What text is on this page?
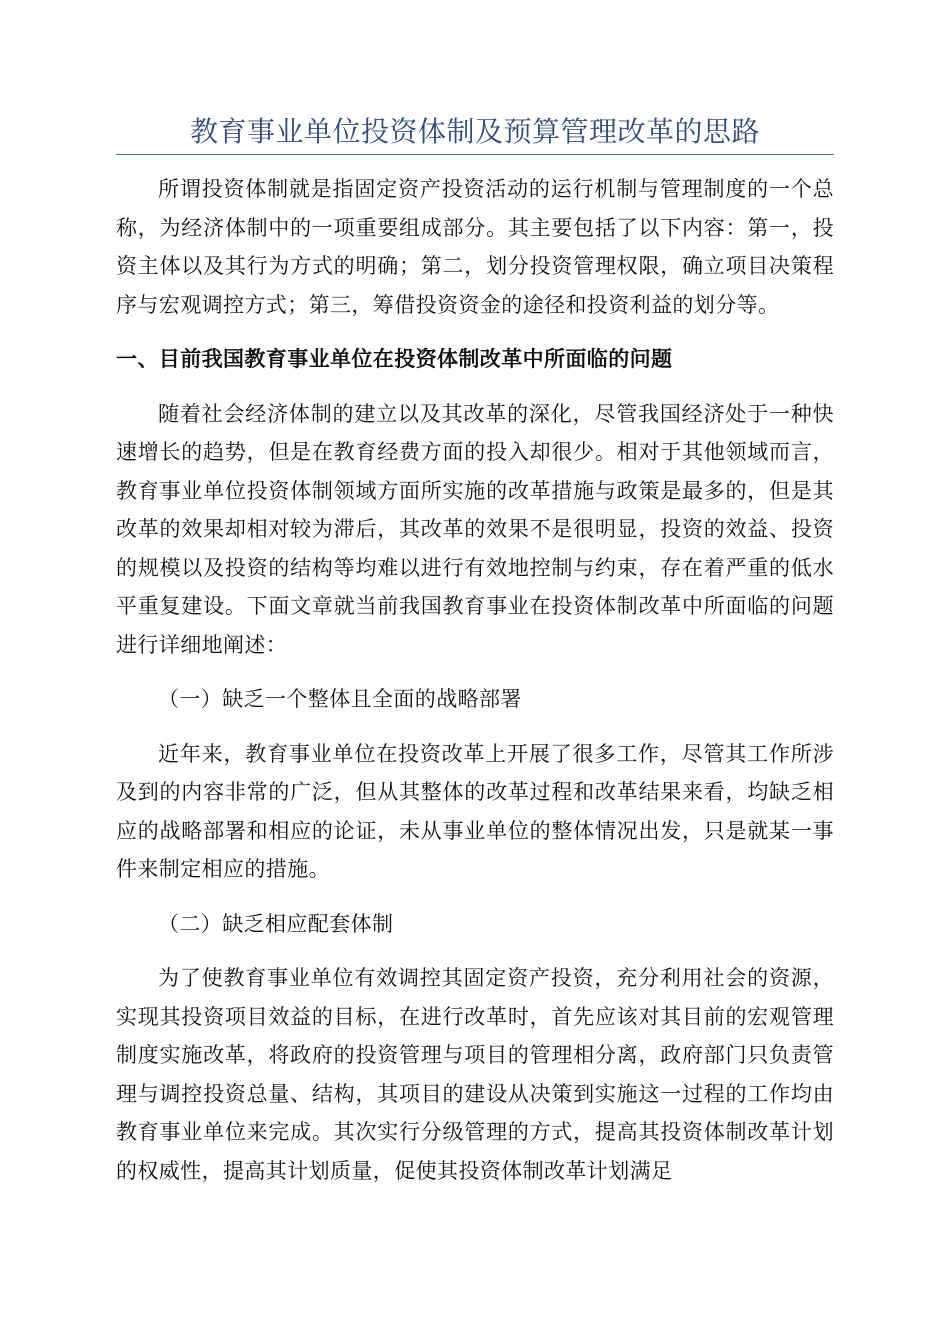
教育事业单位投资体制及预算管理改革的思路

所谓投资体制就是指固定资产投资活动的运行机制与管理制度的一个总称，为经济体制中的一项重要组成部分。其主要包括了以下内容：第一，投资主体以及其行为方式的明确；第二，划分投资管理权限，确立项目决策程序与宏观调控方式；第三，筹借投资资金的途径和投资利益的划分等。

一、目前我国教育事业单位在投资体制改革中所面临的问题

随着社会经济体制的建立以及其改革的深化，尽管我国经济处于一种快速增长的趋势，但是在教育经费方面的投入却很少。相对于其他领域而言，教育事业单位投资体制领域方面所实施的改革措施与政策是最多的，但是其改革的效果却相对较为滞后，其改革的效果不是很明显，投资的效益、投资的规模以及投资的结构等均难以进行有效地控制与约束，存在着严重的低水平重复建设。下面文章就当前我国教育事业在投资体制改革中所面临的问题进行详细地阐述：

（一）缺乏一个整体且全面的战略部署

近年来，教育事业单位在投资改革上开展了很多工作，尽管其工作所涉及到的内容非常的广泛，但从其整体的改革过程和改革结果来看，均缺乏相应的战略部署和相应的论证，未从事业单位的整体情况出发，只是就某一事件来制定相应的措施。

（二）缺乏相应配套体制

为了使教育事业单位有效调控其固定资产投资，充分利用社会的资源，实现其投资项目效益的目标，在进行改革时，首先应该对其目前的宏观管理制度实施改革，将政府的投资管理与项目的管理相分离，政府部门只负责管理与调控投资总量、结构，其项目的建设从决策到实施这一过程的工作均由教育事业单位来完成。其次实行分级管理的方式，提高其投资体制改革计划的权威性，提高其计划质量，促使其投资体制改革计划满足
